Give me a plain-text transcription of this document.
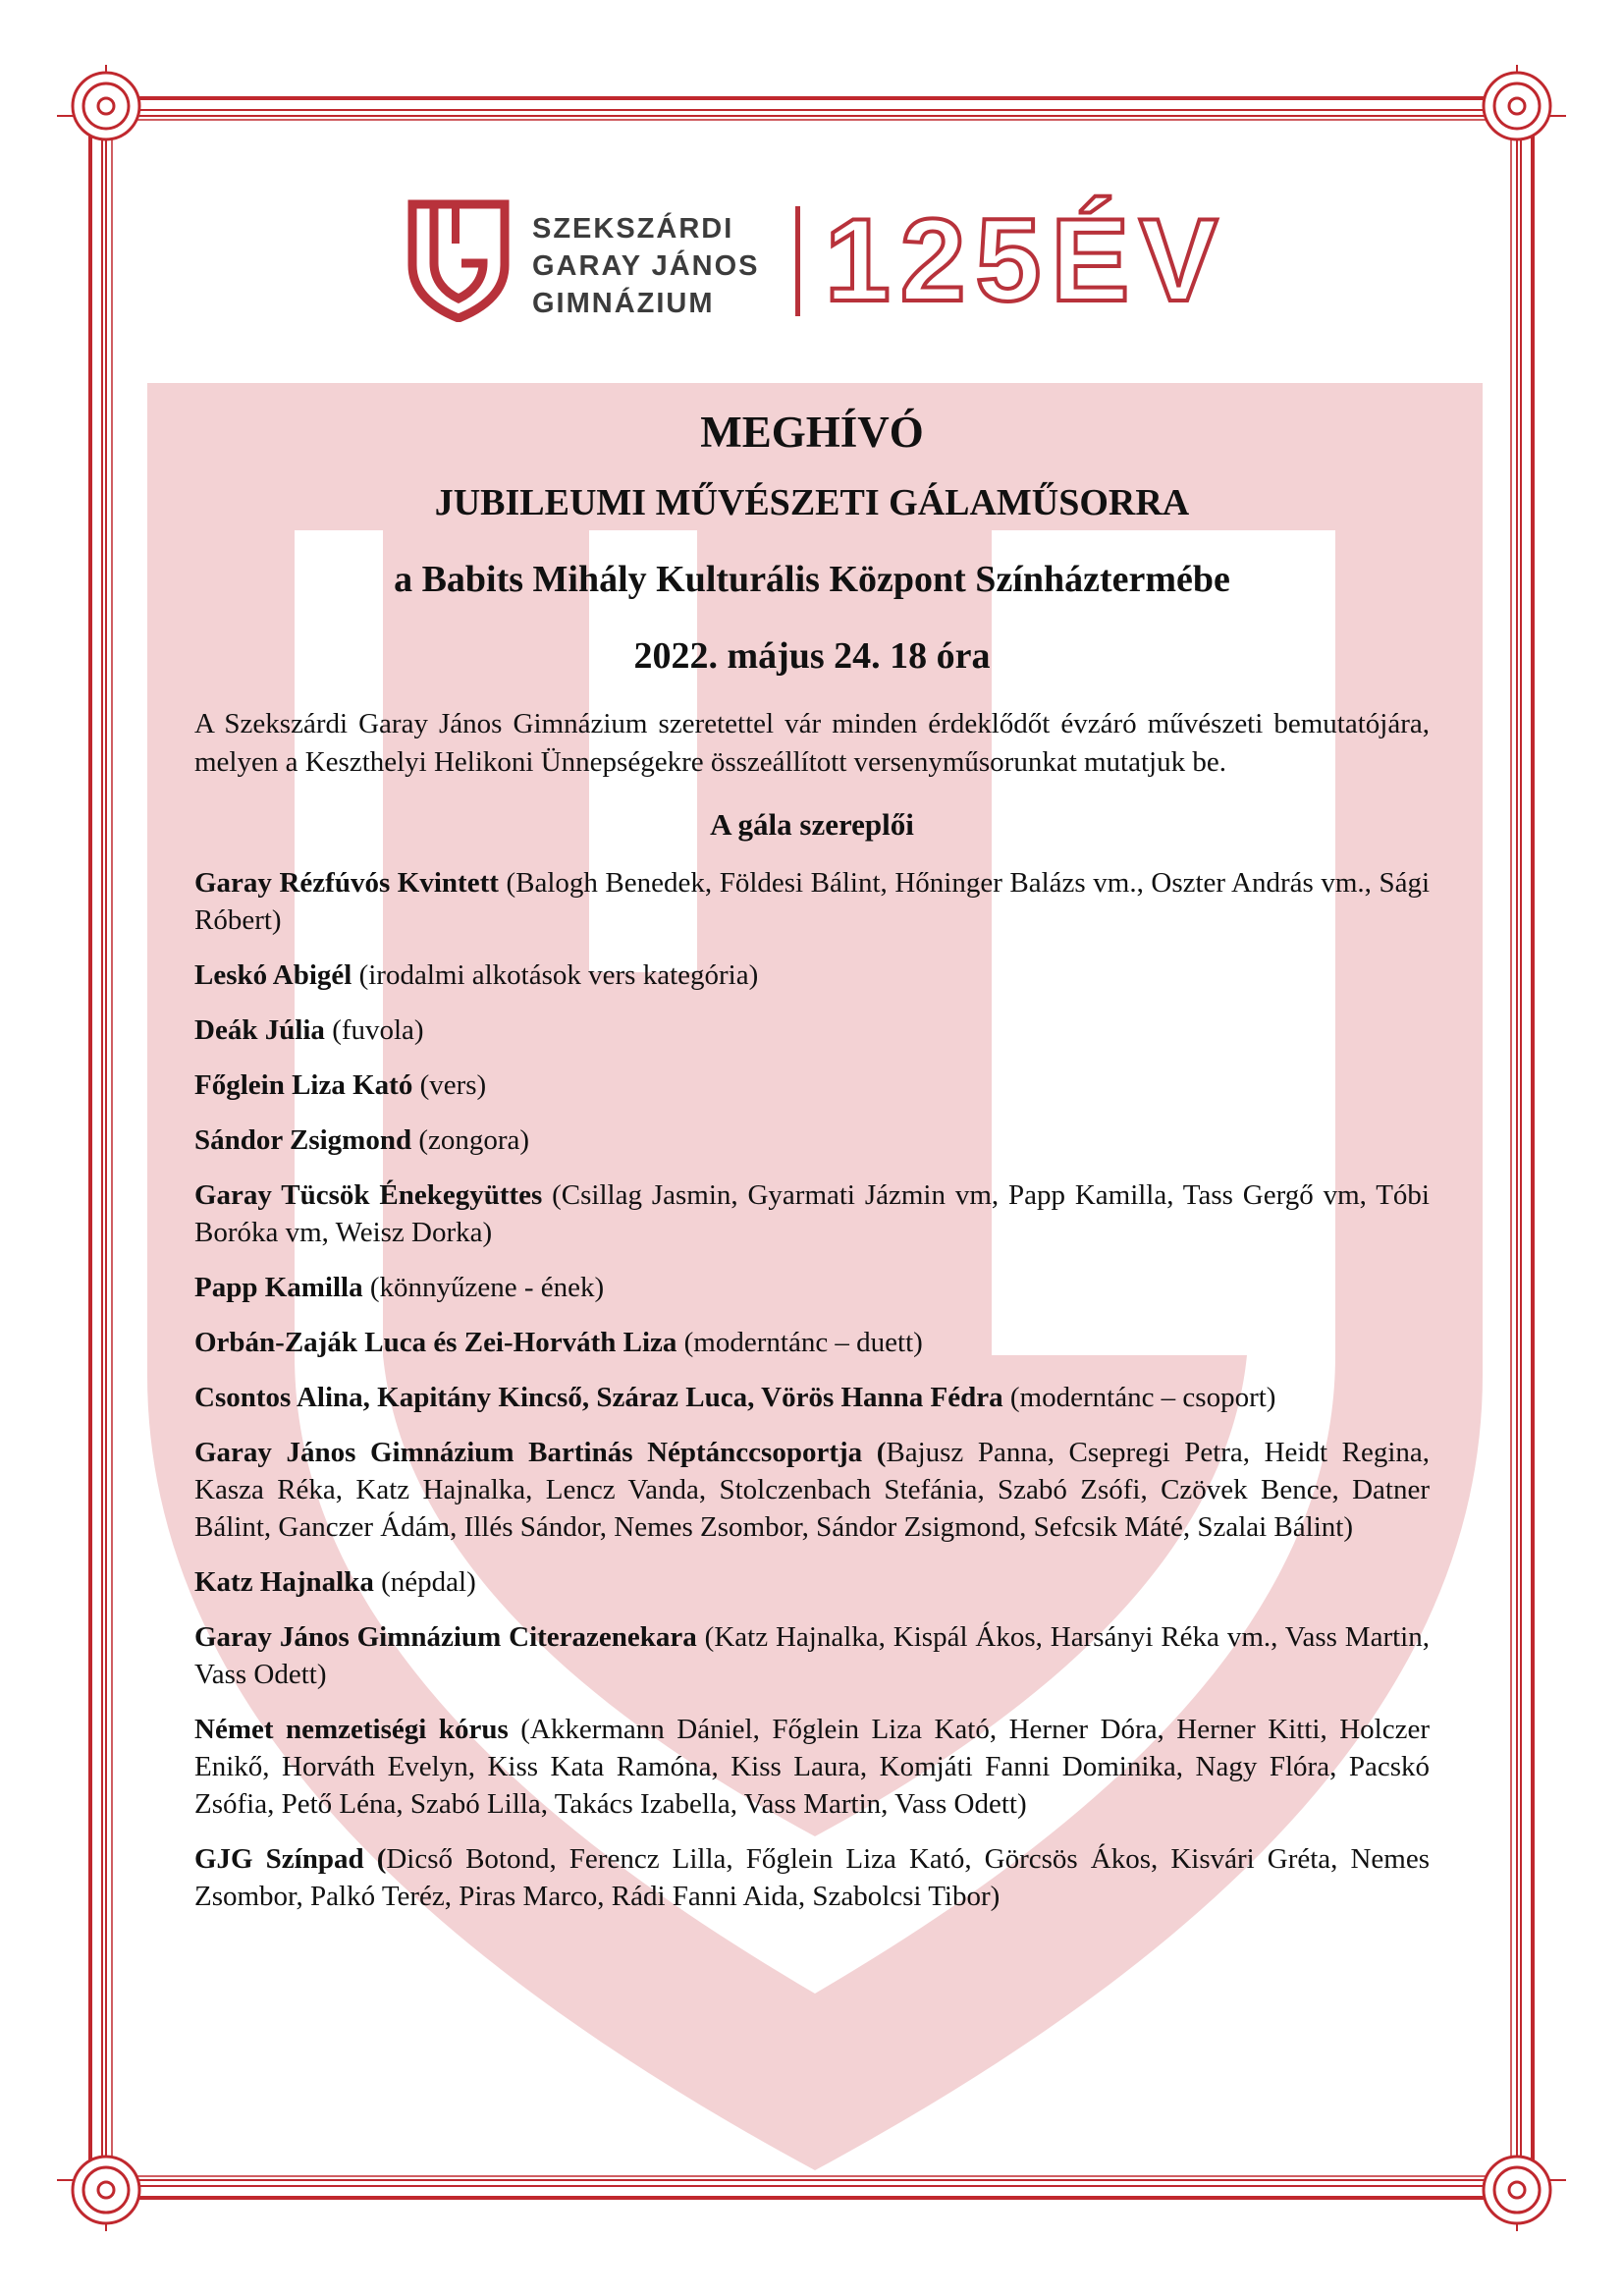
SZEKSZÁRDI
GARAY JÁNOS
GIMNÁZIUM 125ÉV
MEGHÍVÓ
JUBILEUMI MŰVÉSZETI GÁLAMŰSORRA
a Babits Mihály Kulturális Központ Színháztermébe
2022. május 24. 18 óra
A Szekszárdi Garay János Gimnázium szeretettel vár minden érdeklődőt évzáró művészeti bemutatójára, melyen a Keszthelyi Helikoni Ünnepségekre összeállított versenyműsorunkat mutatjuk be.
A gála szereplői

Garay Rézfúvós Kvintett (Balogh Benedek, Földesi Bálint, Hőninger Balázs vm., Oszter András vm., Sági Róbert)

Leskó Abigél (irodalmi alkotások vers kategória)

Deák Júlia (fuvola)

Főglein Liza Kató (vers)

Sándor Zsigmond (zongora)

Garay Tücsök Énekegyüttes (Csillag Jasmin, Gyarmati Jázmin vm, Papp Kamilla, Tass Gergő vm, Tóbi Boróka vm, Weisz Dorka)

Papp Kamilla (könnyűzene - ének)

Orbán-Zaják Luca és Zei-Horváth Liza (moderntánc – duett)

Csontos Alina, Kapitány Kincső, Száraz Luca, Vörös Hanna Fédra (moderntánc – csoport)

Garay János Gimnázium Bartinás Néptánccsoportja (Bajusz Panna, Csepregi Petra, Heidt Regina, Kasza Réka, Katz Hajnalka, Lencz Vanda, Stolczenbach Stefánia, Szabó Zsófi, Czövek Bence, Datner Bálint, Ganczer Ádám, Illés Sándor, Nemes Zsombor, Sándor Zsigmond, Sefcsik Máté, Szalai Bálint)

Katz Hajnalka (népdal)

Garay János Gimnázium Citerazenekara (Katz Hajnalka, Kispál Ákos, Harsányi Réka vm., Vass Martin, Vass Odett)

Német nemzetiségi kórus (Akkermann Dániel, Főglein Liza Kató, Herner Dóra, Herner Kitti, Holczer Enikő, Horváth Evelyn, Kiss Kata Ramóna, Kiss Laura, Komjáti Fanni Dominika, Nagy Flóra, Pacskó Zsófia, Pető Léna, Szabó Lilla, Takács Izabella, Vass Martin, Vass Odett)

GJG Színpad (Dicső Botond, Ferencz Lilla, Főglein Liza Kató, Görcsös Ákos, Kisvári Gréta, Nemes Zsombor, Palkó Teréz, Piras Marco, Rádi Fanni Aida, Szabolcsi Tibor)
